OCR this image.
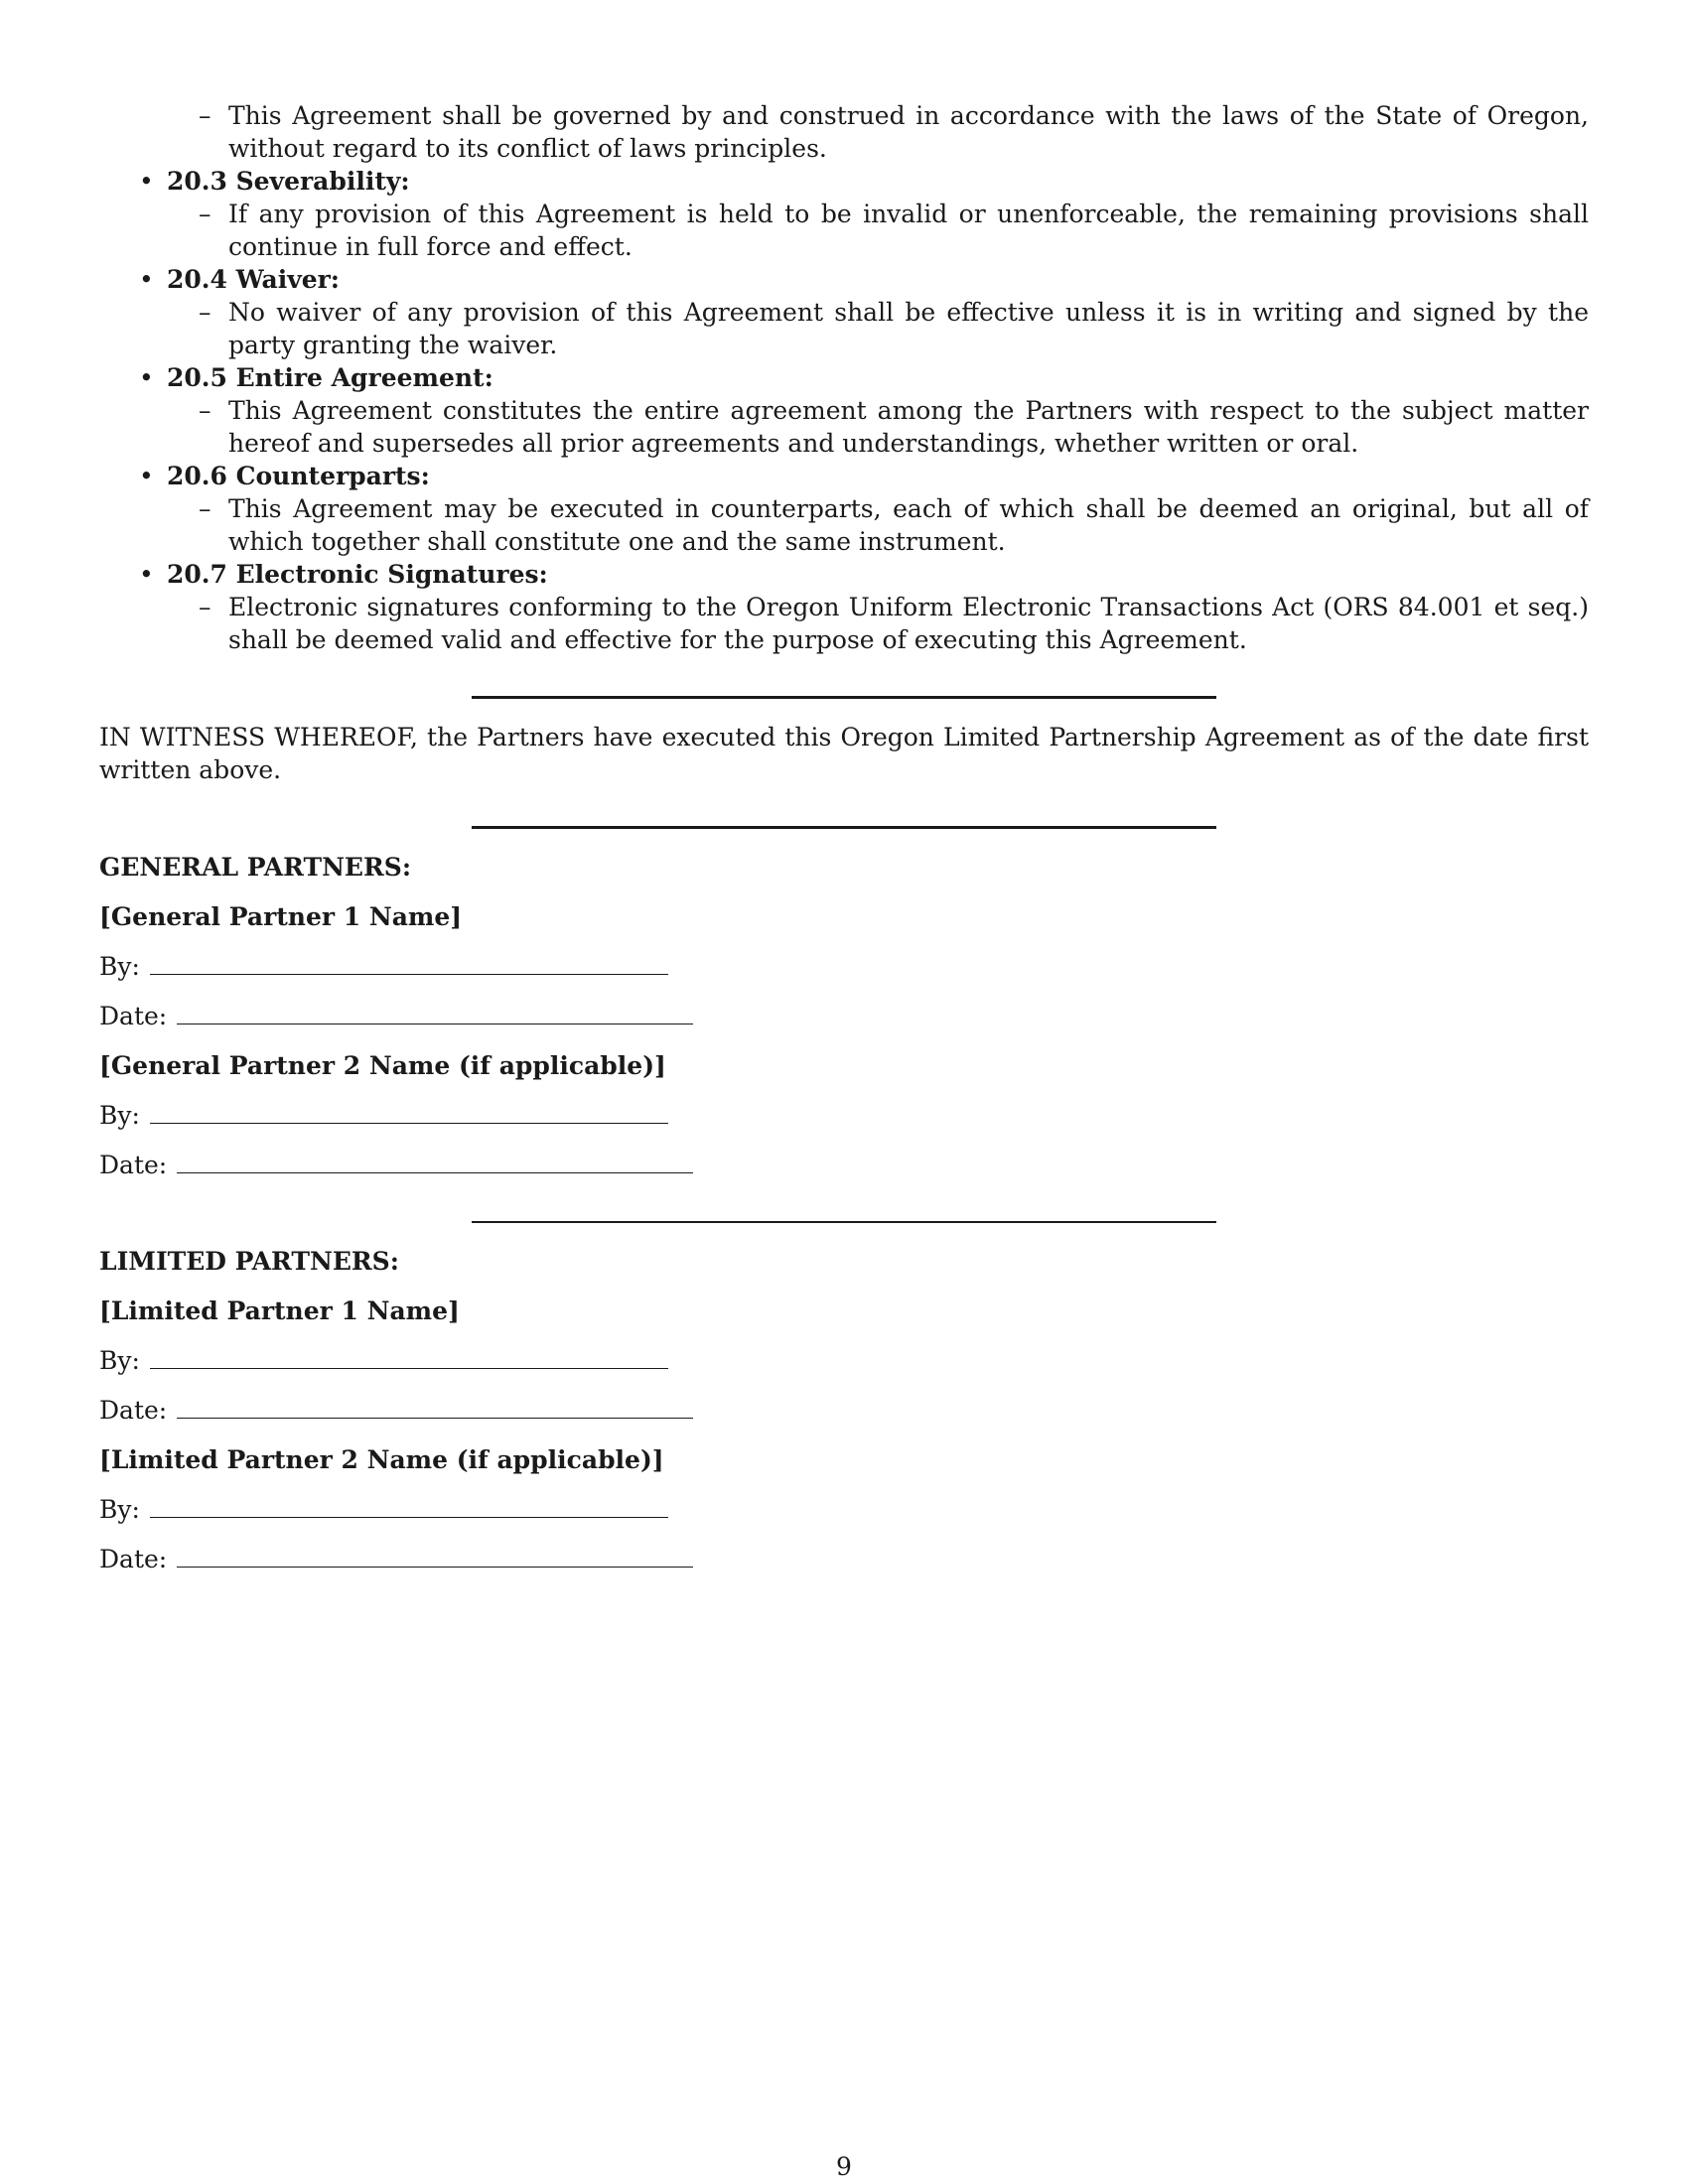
– This Agreement shall be governed by and construed in accordance with the laws of the State of Oregon, without regard to its conflict of laws principles.
• 20.3 Severability:
– If any provision of this Agreement is held to be invalid or unenforceable, the remaining provisions shall continue in full force and effect.
• 20.4 Waiver:
– No waiver of any provision of this Agreement shall be effective unless it is in writing and signed by the party granting the waiver.
• 20.5 Entire Agreement:
– This Agreement constitutes the entire agreement among the Partners with respect to the subject matter hereof and supersedes all prior agreements and understandings, whether written or oral.
• 20.6 Counterparts:
– This Agreement may be executed in counterparts, each of which shall be deemed an original, but all of which together shall constitute one and the same instrument.
• 20.7 Electronic Signatures:
– Electronic signatures conforming to the Oregon Uniform Electronic Transactions Act (ORS 84.001 et seq.) shall be deemed valid and effective for the purpose of executing this Agreement.
IN WITNESS WHEREOF, the Partners have executed this Oregon Limited Partnership Agreement as of the date first written above.
GENERAL PARTNERS:
[General Partner 1 Name]
By:
Date:
[General Partner 2 Name (if applicable)]
By:
Date:
LIMITED PARTNERS:
[Limited Partner 1 Name]
By:
Date:
[Limited Partner 2 Name (if applicable)]
By:
Date:
9
